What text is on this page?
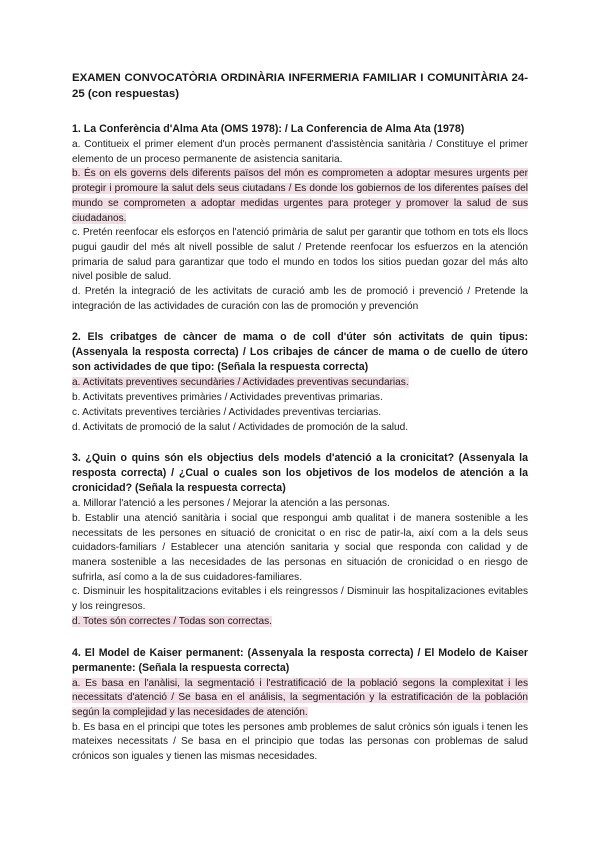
EXAMEN CONVOCATÒRIA ORDINÀRIA INFERMERIA FAMILIAR I COMUNITÀRIA 24-25 (con respuestas)
1. La Conferència d'Alma Ata (OMS 1978): / La Conferencia de Alma Ata (1978)
a. Contitueix el primer element d'un procès permanent d'assistència sanitària / Constituye el primer elemento de un proceso permanente de asistencia sanitaria.
b. És on els governs dels diferents països del món es comprometen a adoptar mesures urgents per protegir i promoure la salut dels seus ciutadans / Es donde los gobiernos de los diferentes países del mundo se comprometen a adoptar medidas urgentes para proteger y promover la salud de sus ciudadanos.
c. Pretén reenfocar els esforços en l'atenció primària de salut per garantir que tothom en tots els llocs pugui gaudir del més alt nivell possible de salut / Pretende reenfocar los esfuerzos en la atención primaria de salud para garantizar que todo el mundo en todos los sitios puedan gozar del más alto nivel posible de salud.
d. Pretén la integració de les activitats de curació amb les de promoció i prevenció / Pretende la integración de las actividades de curación con las de promoción y prevención
2. Els cribatges de càncer de mama o de coll d'úter són activitats de quin tipus: (Assenyala la resposta correcta) / Los cribajes de cáncer de mama o de cuello de útero son actividades de que tipo: (Señala la respuesta correcta)
a. Activitats preventives secundàries / Actividades preventivas secundarias.
b. Activitats preventives primàries / Actividades preventivas primarias.
c. Activitats preventives terciàries / Actividades preventivas terciarias.
d. Activitats de promoció de la salut / Actividades de promoción de la salud.
3. ¿Quin o quins són els objectius dels models d'atenció a la cronicitat? (Assenyala la resposta correcta) / ¿Cual o cuales son los objetivos de los modelos de atención a la cronicidad? (Señala la respuesta correcta)
a. Millorar l'atenció a les persones / Mejorar la atención a las personas.
b. Establir una atenció sanitària i social que respongui amb qualitat i de manera sostenible a les necessitats de les persones en situació de cronicitat o en risc de patir-la, així com a la dels seus cuidadors-familiars / Establecer una atención sanitaria y social que responda con calidad y de manera sostenible a las necesidades de las personas en situación de cronicidad o en riesgo de sufrirla, así como a la de sus cuidadores-familiares.
c. Disminuir les hospitalitzacions evitables i els reingressos / Disminuir las hospitalizaciones evitables y los reingresos.
d. Totes són correctes / Todas son correctas.
4. El Model de Kaiser permanent: (Assenyala la resposta correcta) / El Modelo de Kaiser permanente: (Señala la respuesta correcta)
a. Es basa en l'anàlisi, la segmentació i l'estratificació de la població segons la complexitat i les necessitats d'atenció / Se basa en el análisis, la segmentación y la estratificación de la población según la complejidad y las necesidades de atención.
b. Es basa en el principi que totes les persones amb problemes de salut crònics són iguals i tenen les mateixes necessitats / Se basa en el principio que todas las personas con problemas de salud crónicos son iguales y tienen las mismas necesidades.
